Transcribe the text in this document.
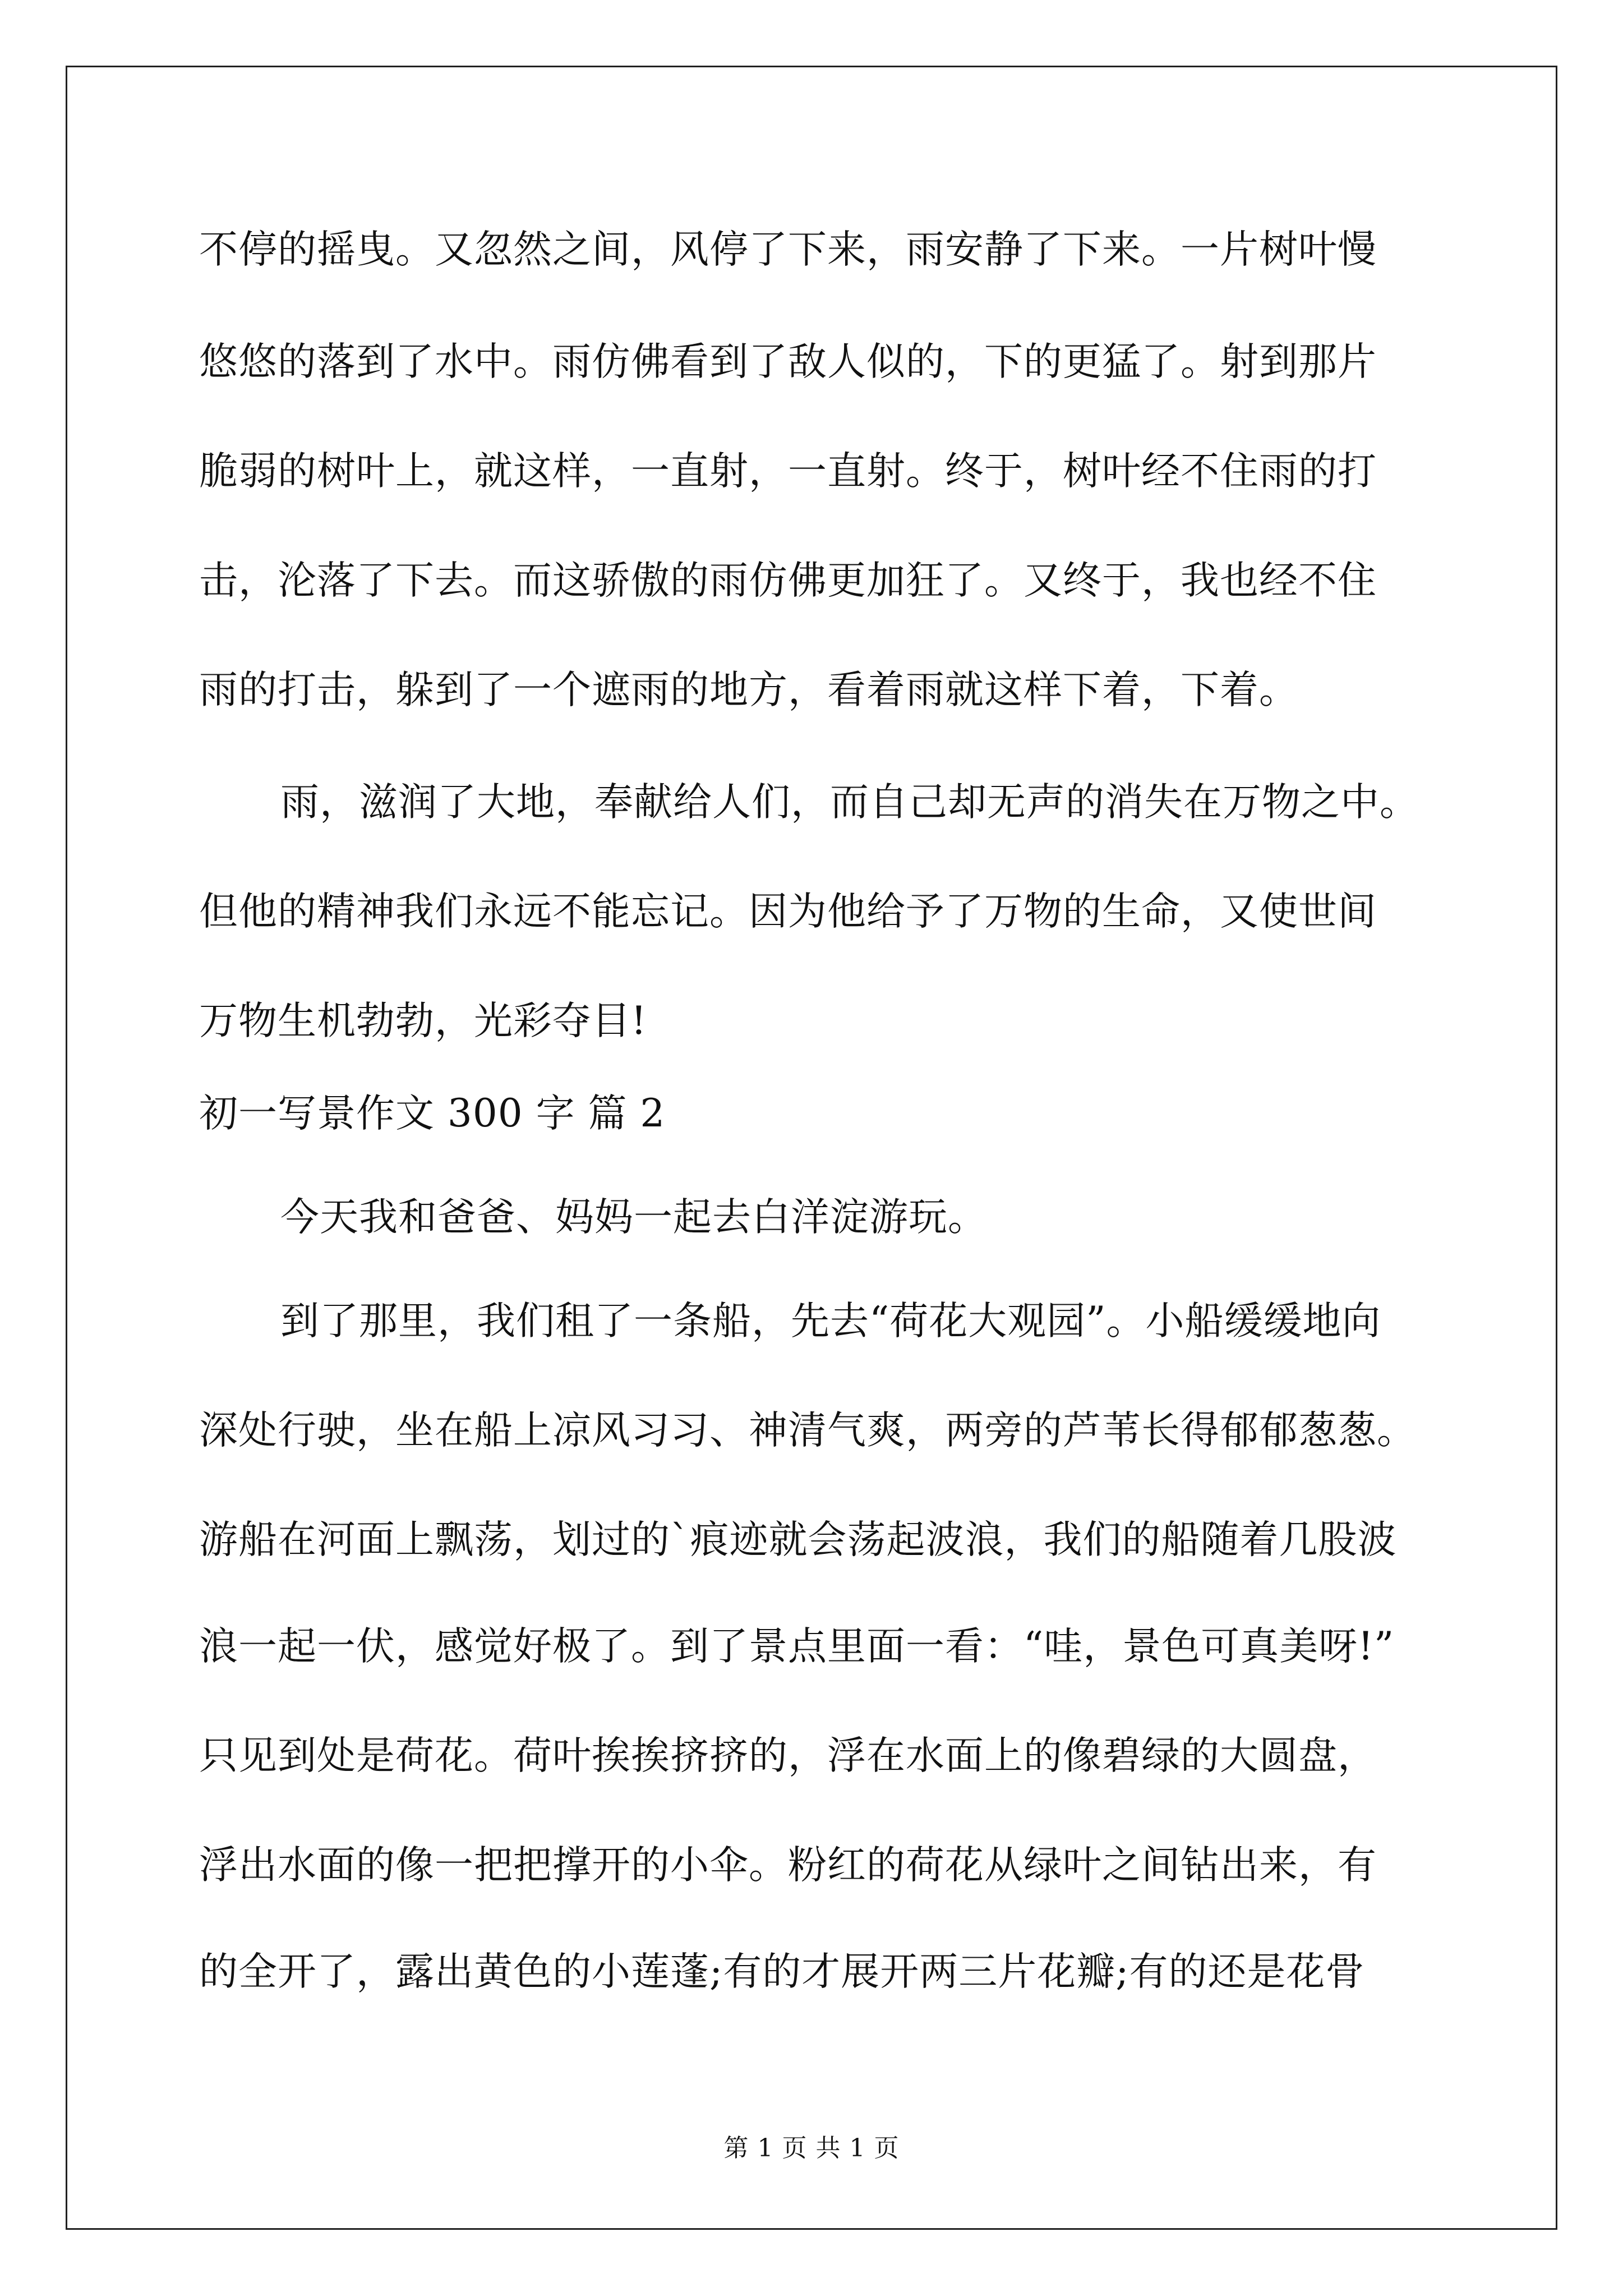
不停的摇曳。又忽然之间，风停了下来，雨安静了下来。一片树叶慢
悠悠的落到了水中。雨仿佛看到了敌人似的，下的更猛了。射到那片
脆弱的树叶上，就这样，一直射，一直射。终于，树叶经不住雨的打
击，沦落了下去。而这骄傲的雨仿佛更加狂了。又终于，我也经不住
雨的打击，躲到了一个遮雨的地方，看着雨就这样下着，下着。
雨，滋润了大地，奉献给人们，而自己却无声的消失在万物之中。
但他的精神我们永远不能忘记。因为他给予了万物的生命，又使世间
万物生机勃勃，光彩夺目!
初一写景作文 300 字 篇 2
今天我和爸爸、妈妈一起去白洋淀游玩。
到了那里，我们租了一条船，先去“荷花大观园”。小船缓缓地向
深处行驶，坐在船上凉风习习、神清气爽，两旁的芦苇长得郁郁葱葱。
游船在河面上飘荡，划过的`痕迹就会荡起波浪，我们的船随着几股波
浪一起一伏，感觉好极了。到了景点里面一看：“哇，景色可真美呀!”
只见到处是荷花。荷叶挨挨挤挤的，浮在水面上的像碧绿的大圆盘，
浮出水面的像一把把撑开的小伞。粉红的荷花从绿叶之间钻出来，有
的全开了，露出黄色的小莲蓬;有的才展开两三片花瓣;有的还是花骨
第 1 页 共 1 页
